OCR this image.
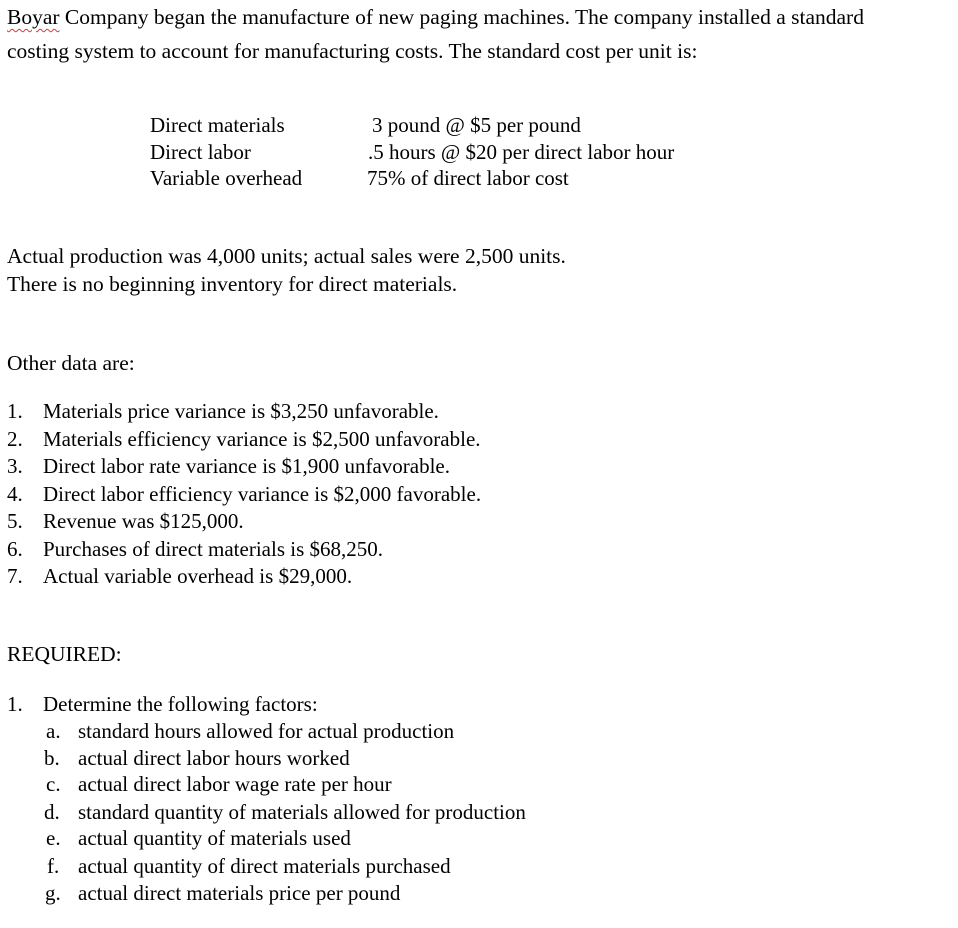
Boyar Company began the manufacture of new paging machines. The company installed a standard
costing system to account for manufacturing costs. The standard cost per unit is:
Direct materials	3 pound @ $5 per pound
Direct labor	.5 hours @ $20 per direct labor hour
Variable overhead	75% of direct labor cost
Actual production was 4,000 units; actual sales were 2,500 units.
There is no beginning inventory for direct materials.
Other data are:
1. Materials price variance is $3,250 unfavorable.
2. Materials efficiency variance is $2,500 unfavorable.
3. Direct labor rate variance is $1,900 unfavorable.
4. Direct labor efficiency variance is $2,000 favorable.
5. Revenue was $125,000.
6. Purchases of direct materials is $68,250.
7. Actual variable overhead is $29,000.
REQUIRED:
1. Determine the following factors:
a. standard hours allowed for actual production
b. actual direct labor hours worked
c. actual direct labor wage rate per hour
d. standard quantity of materials allowed for production
e. actual quantity of materials used
f. actual quantity of direct materials purchased
g. actual direct materials price per pound
